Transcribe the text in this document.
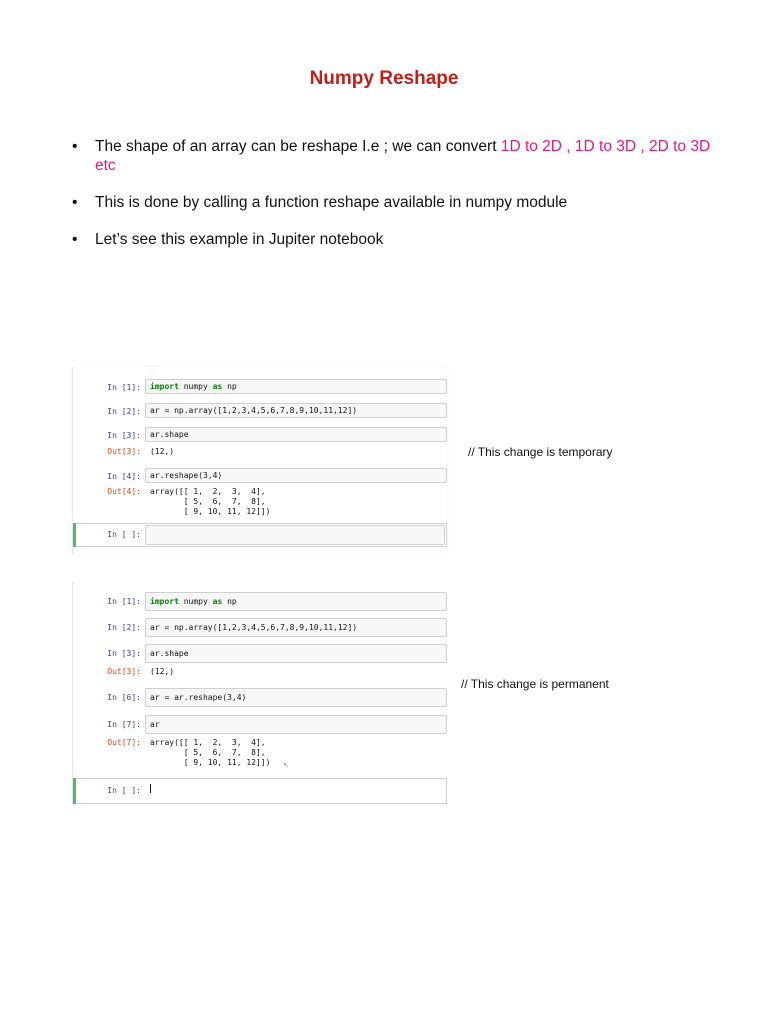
Numpy Reshape
• The shape of an array can be reshape I.e ; we can convert 1D to 2D , 1D to 3D , 2D to 3D etc
• This is done by calling a function reshape available in numpy module
• Let’s see this example in Jupiter notebook
In [1]:	import numpy as np
In [2]:	ar = np.array([1,2,3,4,5,6,7,8,9,10,11,12])
In [3]:	ar.shape
Out[3]: (12,)
In [4]:	ar.reshape(3,4)
Out[4]: array([[ 1,  2,  3,  4],
[ 5,  6,  7,  8],
[ 9, 10, 11, 12]])
In [ ]:
// This change is temporary
In [1]:	import numpy as np
In [2]:	ar = np.array([1,2,3,4,5,6,7,8,9,10,11,12])
In [3]:	ar.shape
Out[3]: (12,)
In [6]:	ar = ar.reshape(3,4)
In [7]:	ar
Out[7]: array([[ 1,  2,  3,  4],
[ 5,  6,  7,  8],
[ 9, 10, 11, 12]]) ↖
In [ ]:
// This change is permanent
